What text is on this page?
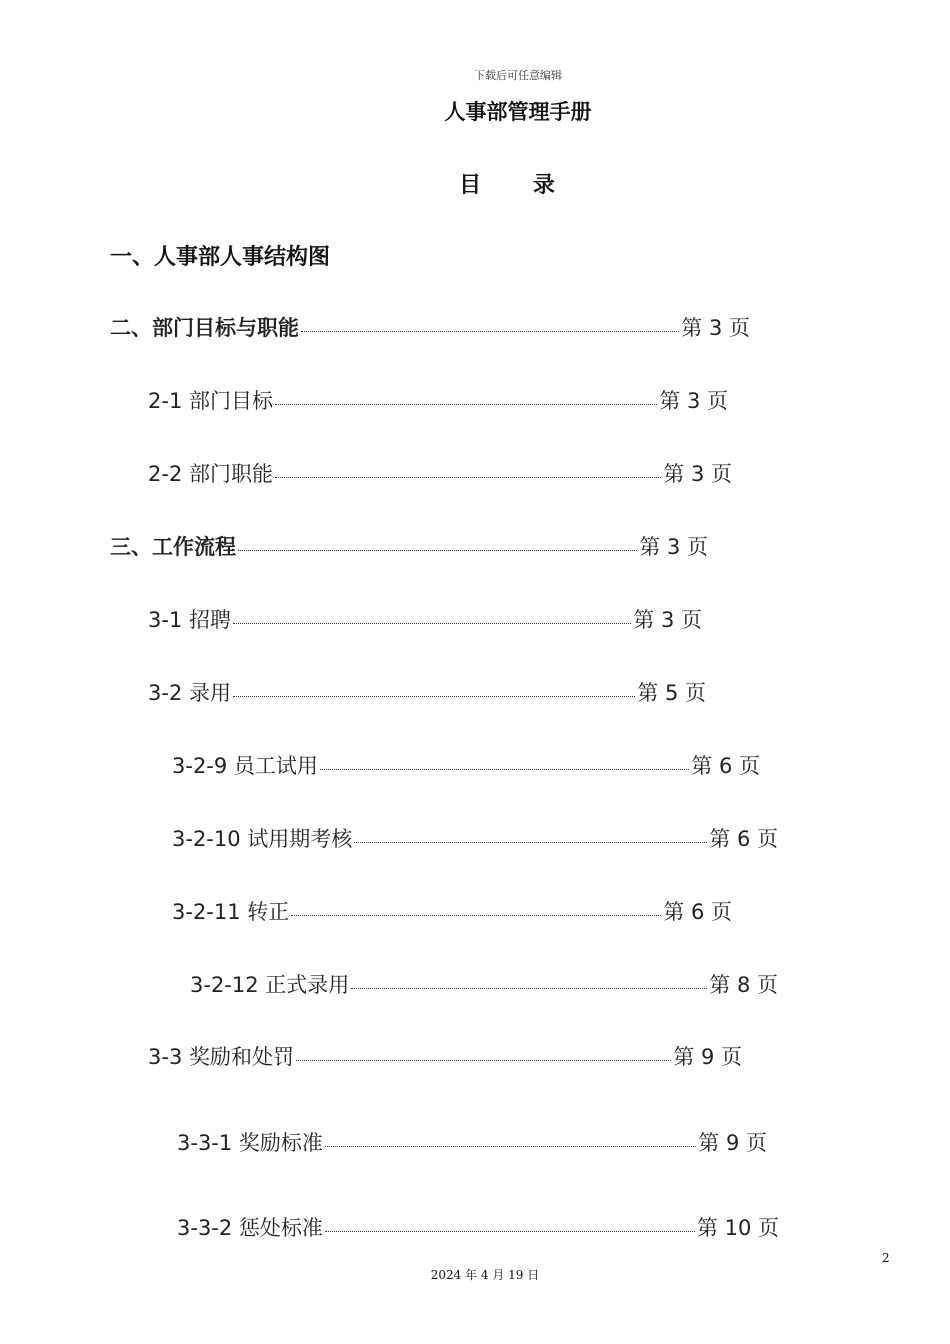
下载后可任意编辑
人事部管理手册
目 录
一、人事部人事结构图
二、部门目标与职能	第 3 页
2-1 部门目标	第 3 页
2-2 部门职能	第 3 页
三、工作流程	第 3 页
3-1 招聘	第 3 页
3-2 录用	第 5 页
3-2-9 员工试用	第 6 页
3-2-10 试用期考核	第 6 页
3-2-11 转正	第 6 页
3-2-12 正式录用	第 8 页
3-3 奖励和处罚	第 9 页
3-3-1 奖励标准	第 9 页
3-3-2 惩处标准	第 10 页
2
2024 年 4 月 19 日
